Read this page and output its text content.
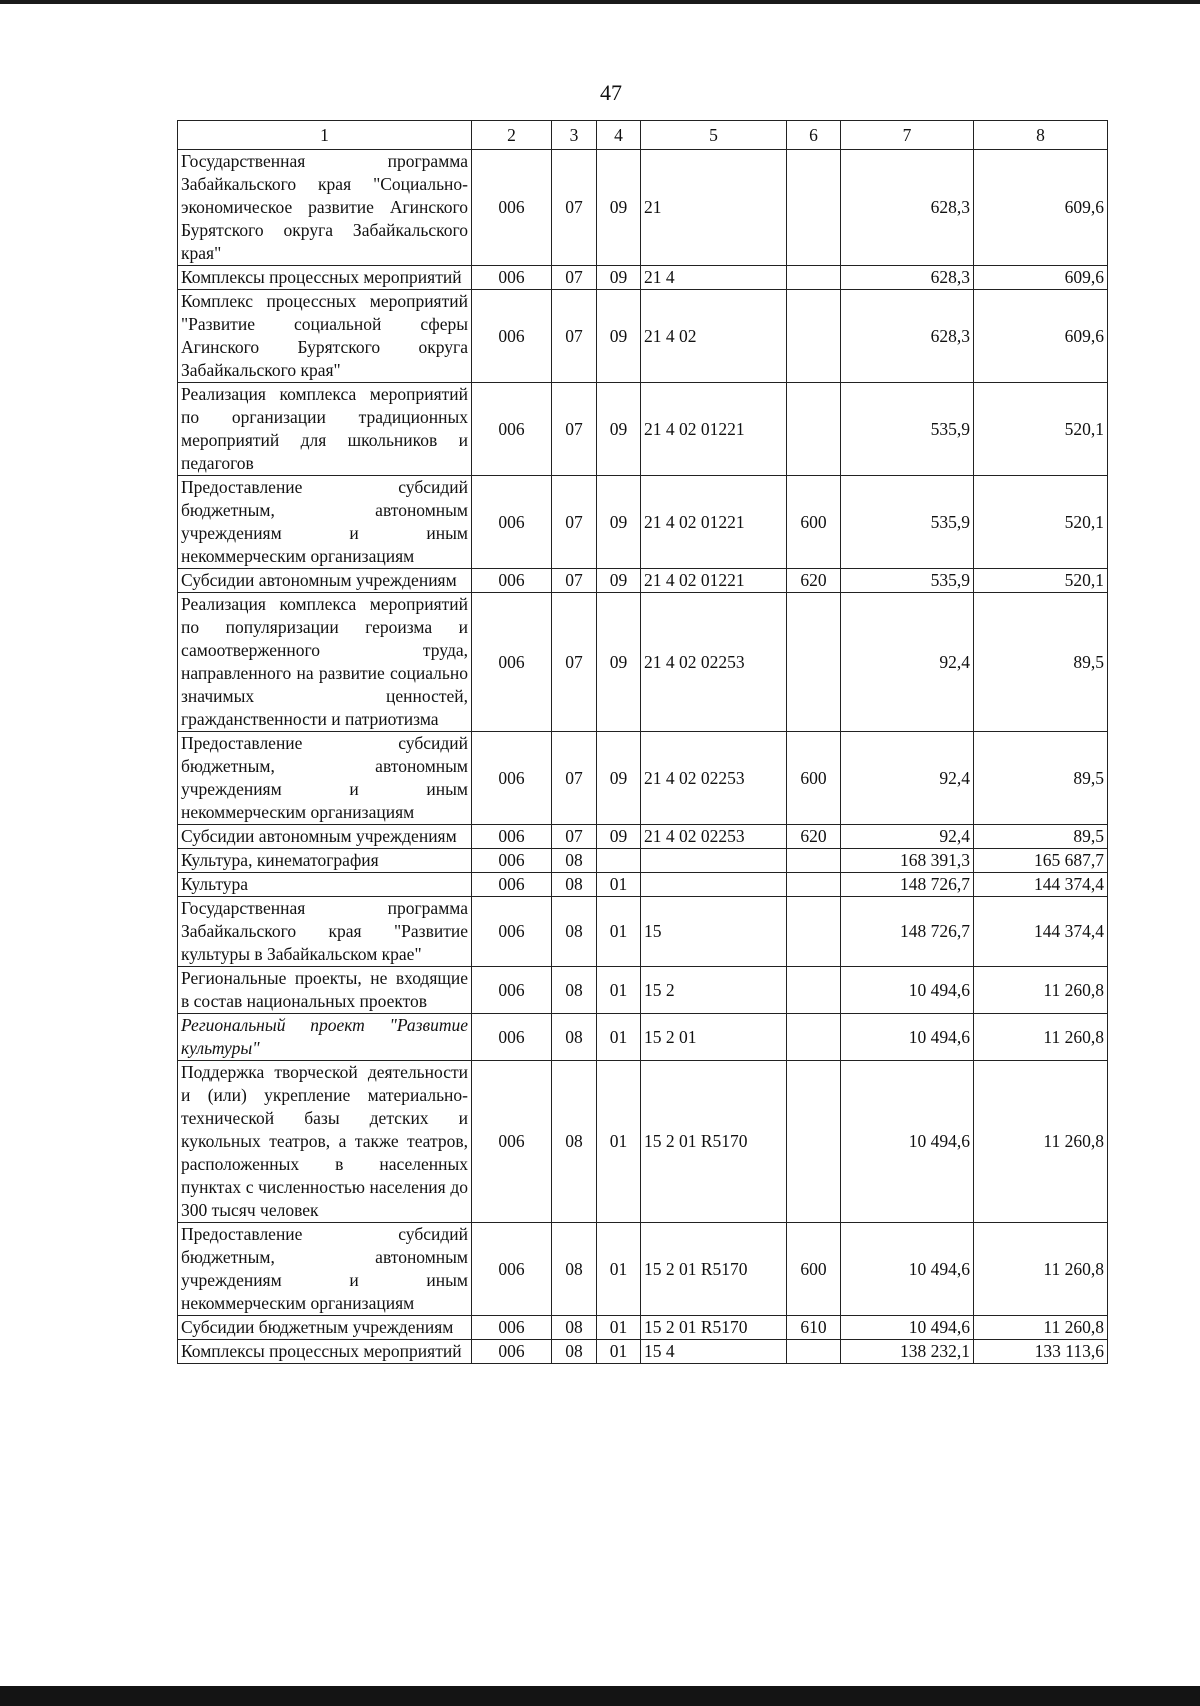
47
1	2	3	4	5	6	7	8
Государственная программа Забайкальского края "Социально-экономическое развитие Агинского Бурятского округа Забайкальского края"	006	07	09	21		628,3	609,6
Комплексы процессных мероприятий	006	07	09	21 4		628,3	609,6
Комплекс процессных мероприятий "Развитие социальной сферы Агинского Бурятского округа Забайкальского края"	006	07	09	21 4 02		628,3	609,6
Реализация комплекса мероприятий по организации традиционных мероприятий для школьников и педагогов	006	07	09	21 4 02 01221		535,9	520,1
Предоставление субсидий бюджетным, автономным учреждениям и иным некоммерческим организациям	006	07	09	21 4 02 01221	600	535,9	520,1
Субсидии автономным учреждениям	006	07	09	21 4 02 01221	620	535,9	520,1
Реализация комплекса мероприятий по популяризации героизма и самоотверженного труда, направленного на развитие социально значимых ценностей, гражданственности и патриотизма	006	07	09	21 4 02 02253		92,4	89,5
Предоставление субсидий бюджетным, автономным учреждениям и иным некоммерческим организациям	006	07	09	21 4 02 02253	600	92,4	89,5
Субсидии автономным учреждениям	006	07	09	21 4 02 02253	620	92,4	89,5
Культура, кинематография	006	08				168 391,3	165 687,7
Культура	006	08	01			148 726,7	144 374,4
Государственная программа Забайкальского края "Развитие культуры в Забайкальском крае"	006	08	01	15		148 726,7	144 374,4
Региональные проекты, не входящие в состав национальных проектов	006	08	01	15 2		10 494,6	11 260,8
Региональный проект "Развитие культуры"	006	08	01	15 2 01		10 494,6	11 260,8
Поддержка творческой деятельности и (или) укрепление материально-технической базы детских и кукольных театров, а также театров, расположенных в населенных пунктах с численностью населения до 300 тысяч человек	006	08	01	15 2 01 R5170		10 494,6	11 260,8
Предоставление субсидий бюджетным, автономным учреждениям и иным некоммерческим организациям	006	08	01	15 2 01 R5170	600	10 494,6	11 260,8
Субсидии бюджетным учреждениям	006	08	01	15 2 01 R5170	610	10 494,6	11 260,8
Комплексы процессных мероприятий	006	08	01	15 4		138 232,1	133 113,6
